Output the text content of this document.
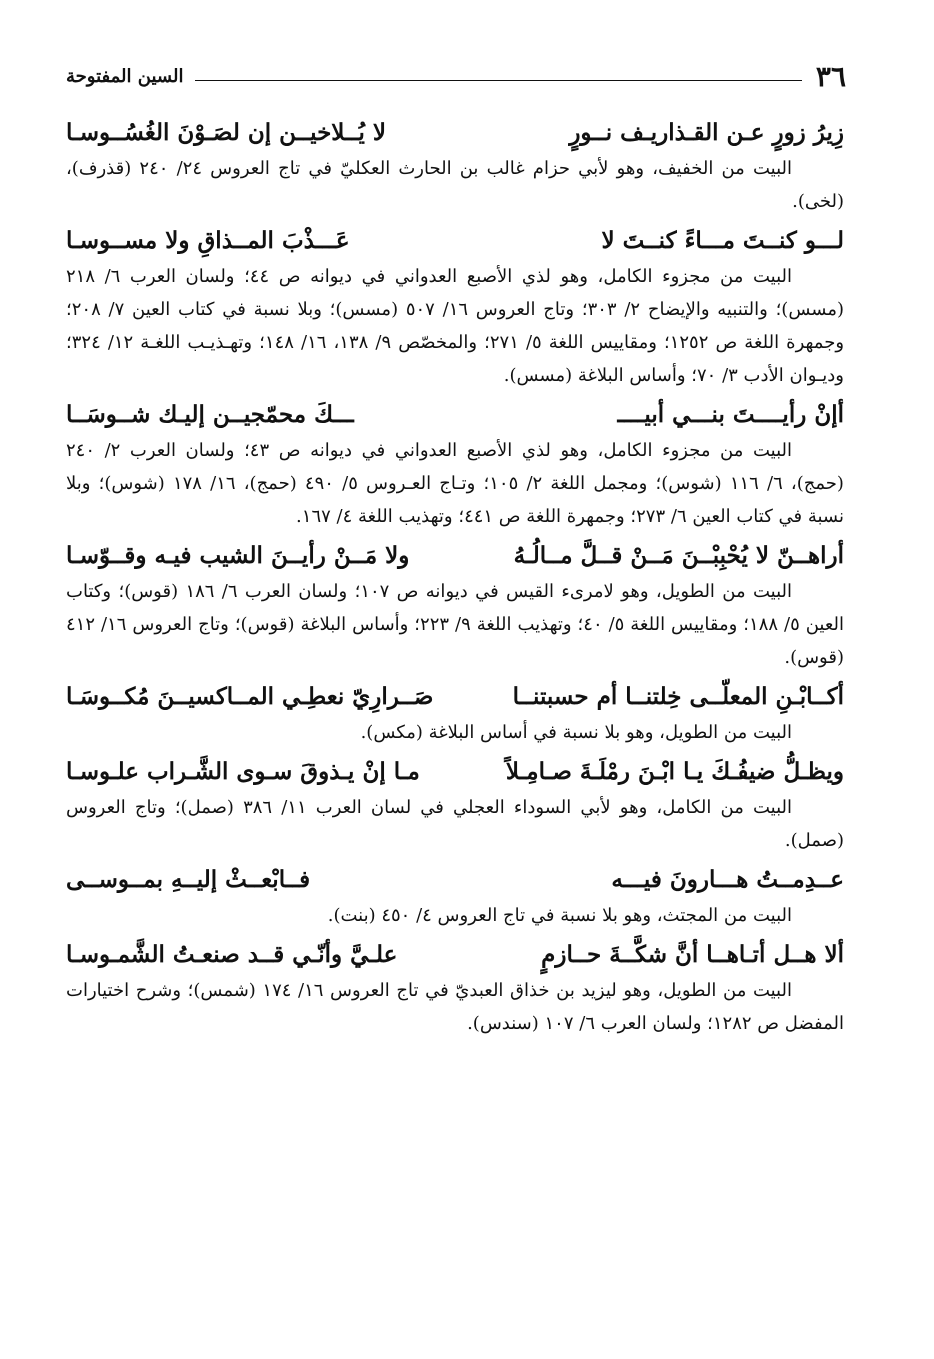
٣٦
السين المفتوحة
زِيرُ زورٍ عـن القـذاريـف نــورٍ
لا يُــلاخيــن إن لصَـوْنَ الغُسُــوسـا

البيت من الخفيف، وهو لأبي حزام غالب بن الحارث العكليّ في تاج العروس ٢٤/ ٢٤٠ (قذرف)، (لخى).

لـــو كنــتَ مـــاءً كنــتَ لا
عَـــذْبَ المــذاقِ ولا مســوسـا

البيت من مجزوء الكامل، وهو لذي الأصبع العدواني في ديوانه ص ٤٤؛ ولسان العرب ٦/ ٢١٨ (مسس)؛ والتنبيه والإيضاح ٢/ ٣٠٣؛ وتاج العروس ١٦/ ٥٠٧ (مسس)؛ وبلا نسبة في كتاب العين ٧/ ٢٠٨؛ وجمهرة اللغة ص ١٢٥٢؛ ومقاييس اللغة ٥/ ٢٧١؛ والمخصّص ٩/ ١٣٨، ١٦/ ١٤٨؛ وتهـذيـب اللغـة ١٢/ ٣٢٤؛ وديـوان الأدب ٣/ ٧٠؛ وأساس البلاغة (مسس).

أإنْ رأيــــتَ بنـــي أبيــــ
ـــكَ محمّجيــن إليـك شــوسَــا

البيت من مجزوء الكامل، وهو لذي الأصبع العدواني في ديوانه ص ٤٣؛ ولسان العرب ٢/ ٢٤٠ (حمج)، ٦/ ١١٦ (شوس)؛ ومجمل اللغة ٢/ ١٠٥؛ وتـاج العـروس ٥/ ٤٩٠ (حمج)، ١٦/ ١٧٨ (شوس)؛ وبلا نسبة في كتاب العين ٦/ ٢٧٣؛ وجمهرة اللغة ص ٤٤١؛ وتهذيب اللغة ٤/ ١٦٧.

أراهــنّ لا يُحْبِبْــنَ مَــنْ قــلَّ مــالُـهُ
ولا مَــنْ رأيــنَ الشيب فيـه وقــوّسـا

البيت من الطويل، وهو لامرىء القيس في ديوانه ص ١٠٧؛ ولسان العرب ٦/ ١٨٦ (قوس)؛ وكتاب العين ٥/ ١٨٨؛ ومقاييس اللغة ٥/ ٤٠؛ وتهذيب اللغة ٩/ ٢٢٣؛ وأساس البلاغة (قوس)؛ وتاج العروس ١٦/ ٤١٢ (قوس).

أكــابْـنِ المعلّــى خِلتنــا أم حسبتنــا
صَــرارِيّ نعطِـي المــاكسيــنَ مُكــوسَـا

البيت من الطويل، وهو بلا نسبة في أساس البلاغة (مكس).

ويظـلُّ ضيفُـكَ يـا ابْـنَ رمْلَـةَ صـامِـلاً
مـا إنْ يـذوقَ سـوى الشَّـراب علـوسـا

البيت من الكامل، وهو لأبي السوداء العجلي في لسان العرب ١١/ ٣٨٦ (صمل)؛ وتاج العروس (صمل).

عــدِمــتُ هـــارونَ فيـــه
فــابْعــثْ إليــهِ بمــوســى

البيت من المجتث، وهو بلا نسبة في تاج العروس ٤/ ٤٥٠ (بنت).

ألا هــل أتـاهــا أنَّ شكَّــةَ حــازمٍ
علـيَّ وأنّـي قــد صنعـتُ الشَّمـوسـا

البيت من الطويل، وهو ليزيد بن خذاق العبديّ في تاج العروس ١٦/ ١٧٤ (شمس)؛ وشرح اختيارات المفضل ص ١٢٨٢؛ ولسان العرب ٦/ ١٠٧ (سندس).
